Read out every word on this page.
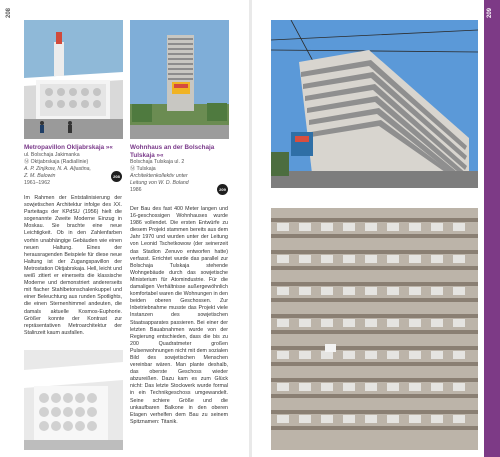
208
Metropavillon Okljabrskaja »«
ul. Bolschaja Jakimanka
Ⓜ Oktjabrskaja (Radiallinie)
A. P. Zinjikow, N. A. Aljastina,
Z. M. Balowin
1961–1962
208
Im Rahmen der Entstalinisierung der sowjetischen Architektur infolge des XX. Parteitags der KPdSU (1956) hielt die sogenannte Zweite Moderne Einzug in Moskau. Sie brachte eine neue Leichtigkeit. Ob in den Zahlenfarben vorhin unabhängige Gebäuden wie einen neuen Haltung. Eines der herausragenden Beispiele für diese neue Haltung ist der Zugangspavillon der Metrostation Oktjabrskaja. Hell, leicht und weiß zitiert er einerseits die klassische Moderne und demonstriert andererseits mit flacher Stahlbetonschalenkuppel und einer Beleuchtung aus runden Spotlights, die einen Sternenhimmel andeuten, die damals aktuelle Kosmos-Euphorie. Größer konnte der Kontrast zur repräsentativen Metroarchitektur der Stalinzeit kaum ausfallen.
Wohnhaus an der Bolschaja Tulskaja »«
Bolschaja Tulskaja ul. 2
Ⓜ Tulskaja
Architektenkollektiv unter
Leitung von W. D. Boland
1986	209
Der Bau des fast 400 Meter langen und 16-geschossigen Wohnhauses wurde 1986 vollendet. Die ersten Entwürfe zu diesem Projekt stammen bereits aus dem Jahr 1970 und wurden unter der Leitung von Leonid Tschetkowow (der seinerzeit das Stadion Zenuvo entworfen hatte) verfasst. Errichtet wurde das parallel zur Bolschaja Tulskaja stehende Wohngebäude durch das sowjetische Ministerium für Atomindustrie. Für die damaligen Verhältnisse außergewöhnlich komfortabel waren die Wohnungen in den beiden oberen Geschossen. Zur Inbetriebnahme musste das Projekt viele Instanzen des sowjetischen Staatsapparates passieren. Bei einer der letzten Bauabnahmen wurde von der Regierung entschieden, dass die bis zu 200 Quadratmeter großen Pulsenwohnungen nicht mit dem sozialen Bild des sowjetischen Menschen vereinbar wären. Man plante deshalb, das oberste Geschoss wieder abzureißen. Dazu kam es zum Glück nicht: Das letzte Stockwerk wurde formal in ein Technikgeschoss umgewandelt. Seine schiere Größe und die unkaufbaren Balkone in den oberen Etagen verhelfen dem Bau zu seinem Spitznamen: Titanik.
209
1955–1990
